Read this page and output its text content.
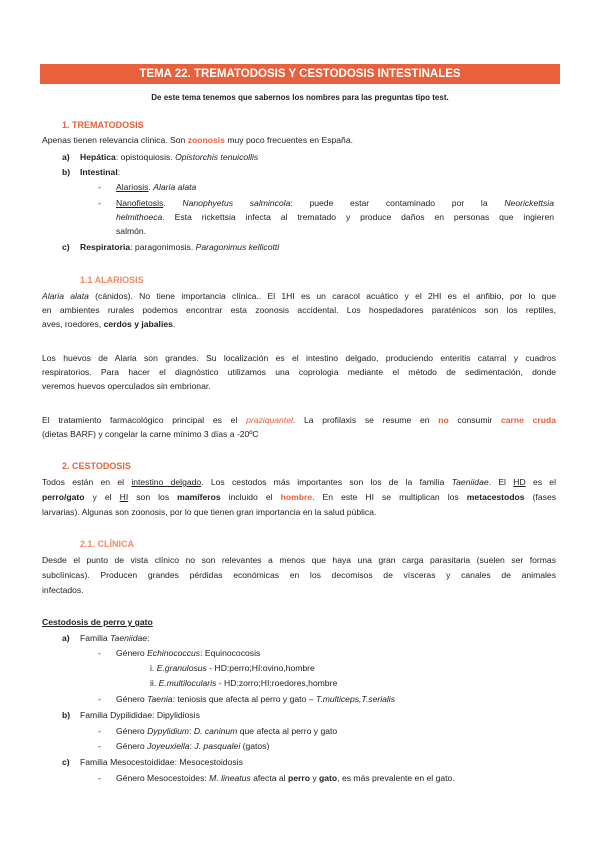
TEMA 22. TREMATODOSIS Y CESTODOSIS INTESTINALES
De este tema tenemos que sabernos los nombres para las preguntas tipo test.
1. TREMATODOSIS
Apenas tienen relevancia clínica. Son zoonosis muy poco frecuentes en España.
a) Hepática: opistoquiosis. Opistorchis tenuicollis
b) Intestinal:
- Alariosis. Alaria alata
- Nanofietosis. Nanophyetus salmincola: puede estar contaminado por la Neorickettsia
helmithoeca. Esta rickettsia infecta al trematado y produce daños en personas que ingieren
salmón.
c) Respiratoria: paragonimosis. Paragonimus kellicotti
1.1 ALARIOSIS
Alaria alata (cánidos). No tiene importancia clínica.. El 1HI es un caracol acuático y el 2HI es el anfibio, por lo que
en ambientes rurales podemos encontrar esta zoonosis accidental. Los hospedadores paraténicos son los reptiles,
aves, roedores, cerdos y jabalíes.
Los huevos de Alaria son grandes. Su localización es el intestino delgado, produciendo enteritis catarral y cuadros
respiratorios. Para hacer el diagnóstico utilizamos una coprologia mediante el método de sedimentación, donde
veremos huevos operculados sin embrionar.
El tratamiento farmacológico principal es el praziquantel. La profilaxis se resume en no consumir carne cruda
(dietas BARF) y congelar la carne mínimo 3 días a -20ºC
2. CESTODOSIS
Todos están en el intestino delgado. Los cestodos más importantes son los de la familia Taeniidae. El HD es el
perro/gato y el HI son los mamíferos incluido el hombre. En este HI se multiplican los metacestodos (fases
larvarias). Algunas son zoonosis, por lo que tienen gran importancia en la salud pública.
2.1. CLÍNICA
Desde el punto de vista clínico no son relevantes a menos que haya una gran carga parasitaria (suelen ser formas
subclínicas). Producen grandes pérdidas económicas en los decomisos de vísceras y canales de animales
infectados.
Cestodosis de perro y gato
a) Familia Taeniidae:
- Género Echinococcus: Equinococosis
i. E.granulosus - HD:perro;HI:ovino,hombre
ii. E.multilocularis - HD:zorro;HI:roedores,hombre
- Género Taenia: teniosis que afecta al perro y gato – T.multiceps,T.serialis
b) Familia Dypilididae: Dipylidiosis
- Género Dypylidium: D. caninum que afecta al perro y gato
- Género Joyeuxiella: J. pasqualei (gatos)
c) Familia Mesocestoididae: Mesocestoidosis
- Género Mesocestoides: M. lineatus afecta al perro y gato, es más prevalente en el gato.
